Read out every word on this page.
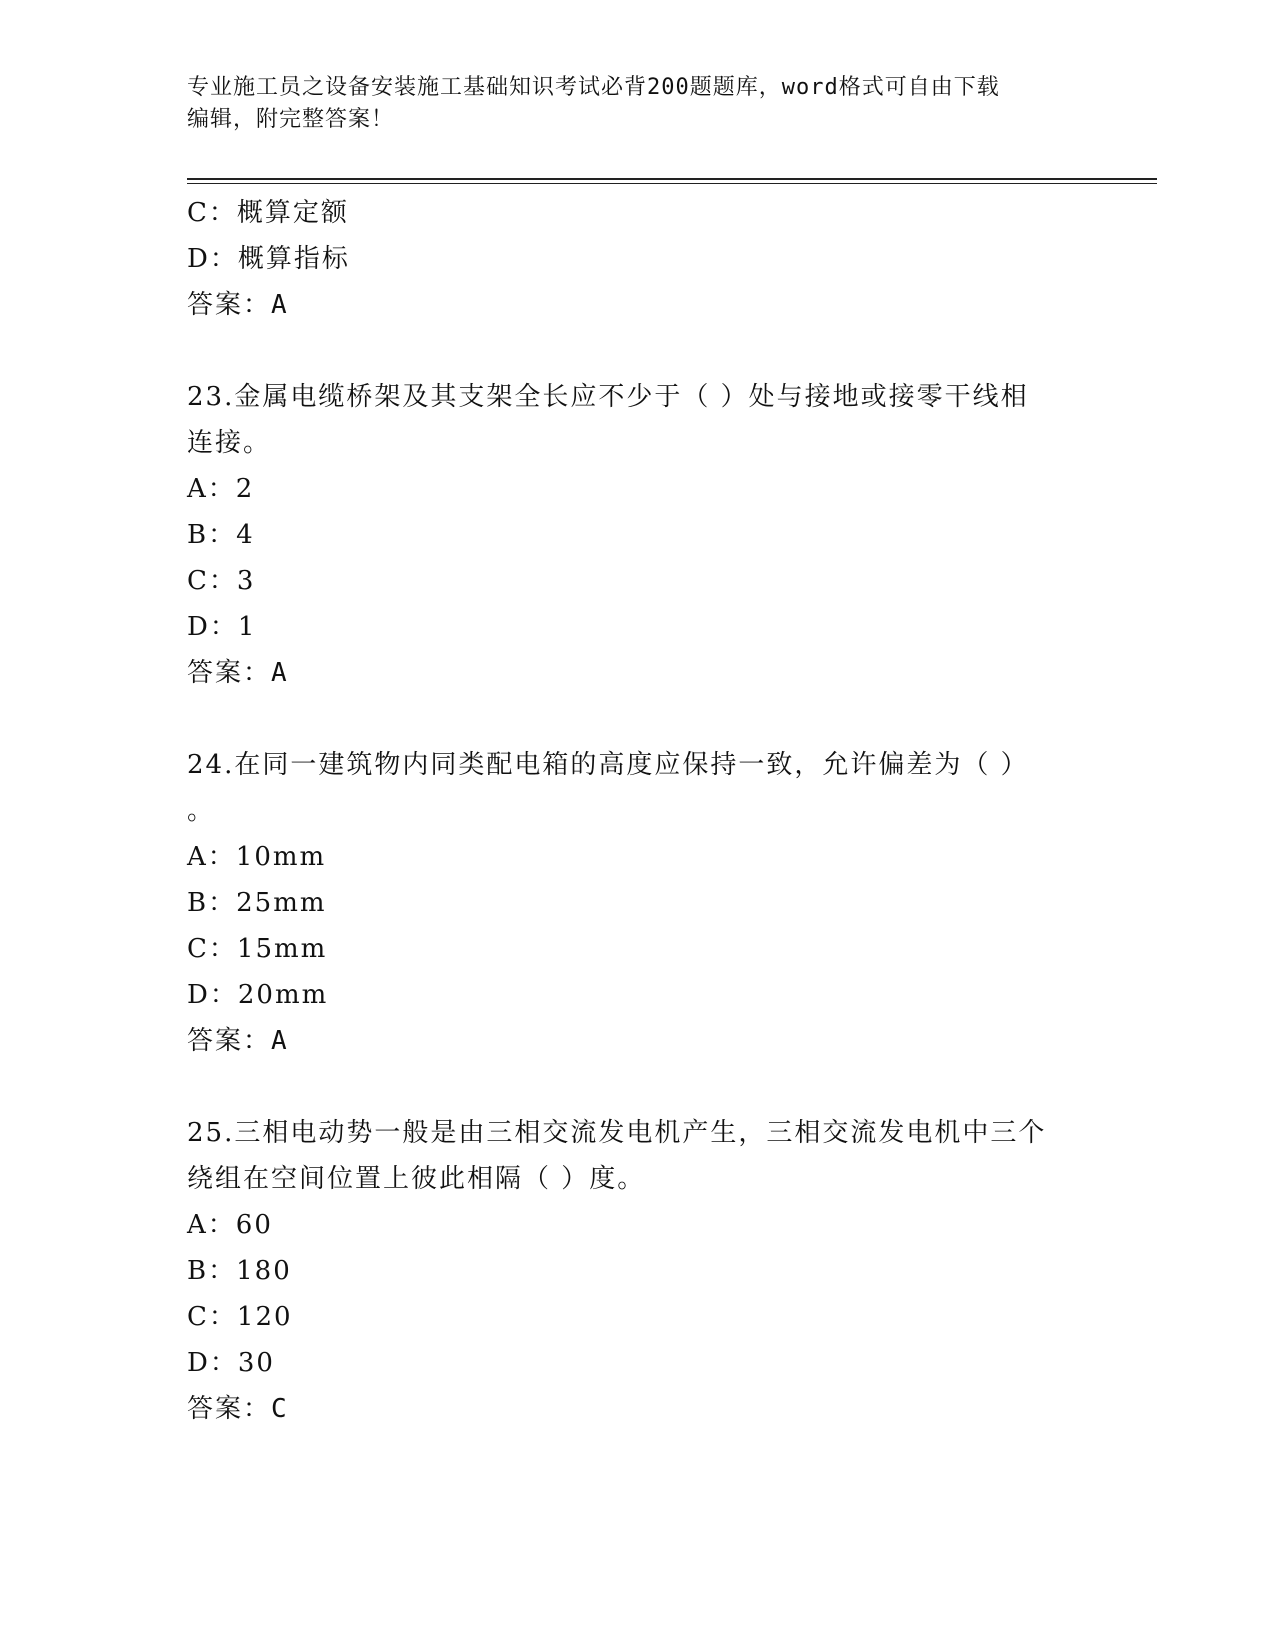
专业施工员之设备安装施工基础知识考试必背200题题库，word格式可自由下载
编辑，附完整答案！
C：概算定额
D：概算指标
答案：A
23.金属电缆桥架及其支架全长应不少于（ ）处与接地或接零干线相
连接。
A：2
B：4
C：3
D：1
答案：A
24.在同一建筑物内同类配电箱的高度应保持一致，允许偏差为（ ）
。
A：10mm
B：25mm
C：15mm
D：20mm
答案：A
25.三相电动势一般是由三相交流发电机产生，三相交流发电机中三个
绕组在空间位置上彼此相隔（ ）度。
A：60
B：180
C：120
D：30
答案：C
